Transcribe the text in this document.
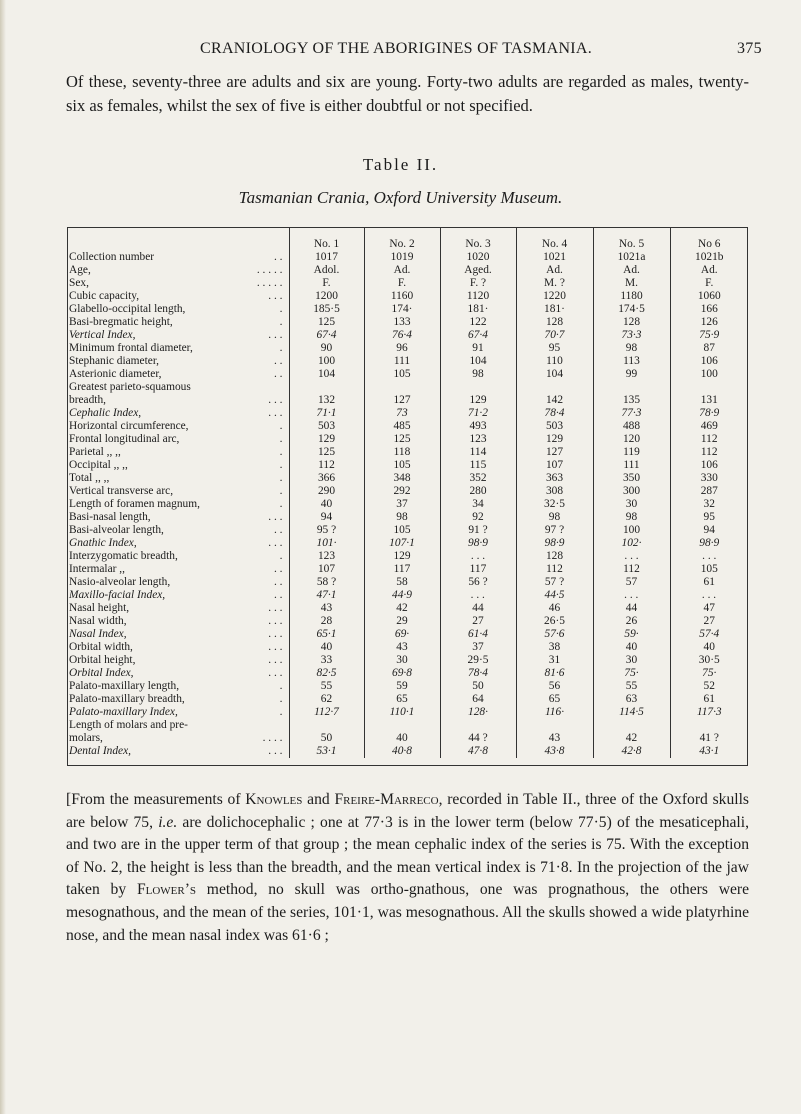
CRANIOLOGY OF THE ABORIGINES OF TASMANIA.	375

Of these, seventy-three are adults and six are young. Forty-two adults are regarded as males, twenty-six as females, whilst the sex of five is either doubtful or not specified.

Table II.
Tasmanian Crania, Oxford University Museum.
	No. 1	No. 2	No. 3	No. 4	No. 5	No 6

Collection number . .	1017	1019	1020	1021	1021a	1021b

Age, . . . . .	Adol.	Ad.	Aged.	Ad.	Ad.	Ad.

Sex, . . . . .	F.	F.	F. ?	M. ?	M.	F.

Cubic capacity, . . .	1200	1160	1120	1220	1180	1060

Glabello-occipital length, .	185·5	174·	181·	181·	174·5	166

Basi-bregmatic height, .	125	133	122	128	128	126

Vertical Index, . . .	67·4	76·4	67·4	70·7	73·3	75·9

Minimum frontal diameter, .	90	96	91	95	98	87

Stephanic diameter, . .	100	111	104	110	113	106

Asterionic diameter, . .	104	105	98	104	99	100

Greatest parieto-squamous						

breadth, . . .	132	127	129	142	135	131

Cephalic Index, . . .	71·1	73	71·2	78·4	77·3	78·9

Horizontal circumference, .	503	485	493	503	488	469

Frontal longitudinal arc, .	129	125	123	129	120	112

Parietal ,, ,, .	125	118	114	127	119	112

Occipital ,, ,, .	112	105	115	107	111	106

Total ,, ,, .	366	348	352	363	350	330

Vertical transverse arc, .	290	292	280	308	300	287

Length of foramen magnum, .	40	37	34	32·5	30	32

Basi-nasal length, . . .	94	98	92	98	98	95

Basi-alveolar length, . .	95 ?	105	91 ?	97 ?	100	94

Gnathic Index, . . .	101·	107·1	98·9	98·9	102·	98·9

Interzygomatic breadth, .	123	129	. . .	128	. . .	. . .

Intermalar ,, . .	107	117	117	112	112	105

Nasio-alveolar length, . .	58 ?	58	56 ?	57 ?	57	61

Maxillo-facial Index, . .	47·1	44·9	. . .	44·5	. . .	. . .

Nasal height, . . .	43	42	44	46	44	47

Nasal width, . . .	28	29	27	26·5	26	27

Nasal Index, . . .	65·1	69·	61·4	57·6	59·	57·4

Orbital width, . . .	40	43	37	38	40	40

Orbital height, . . .	33	30	29·5	31	30	30·5

Orbital Index, . . .	82·5	69·8	78·4	81·6	75·	75·

Palato-maxillary length, .	55	59	50	56	55	52

Palato-maxillary breadth, .	62	65	64	65	63	61

Palato-maxillary Index, .	112·7	110·1	128·	116·	114·5	117·3

Length of molars and pre-						

molars, . . . .	50	40	44 ?	43	42	41 ?

Dental Index, . . .	53·1	40·8	47·8	43·8	42·8	43·1

[From the measurements of Knowles and Freire-Marreco, recorded in Table II., three of the Oxford skulls are below 75, i.e. are dolichocephalic ; one at 77·3 is in the lower term (below 77·5) of the mesaticephali, and two are in the upper term of that group ; the mean cephalic index of the series is 75. With the exception of No. 2, the height is less than the breadth, and the mean vertical index is 71·8. In the projection of the jaw taken by Flower’s method, no skull was ortho-gnathous, one was prognathous, the others were mesognathous, and the mean of the series, 101·1, was mesognathous. All the skulls showed a wide platyrhine nose, and the mean nasal index was 61·6 ;
